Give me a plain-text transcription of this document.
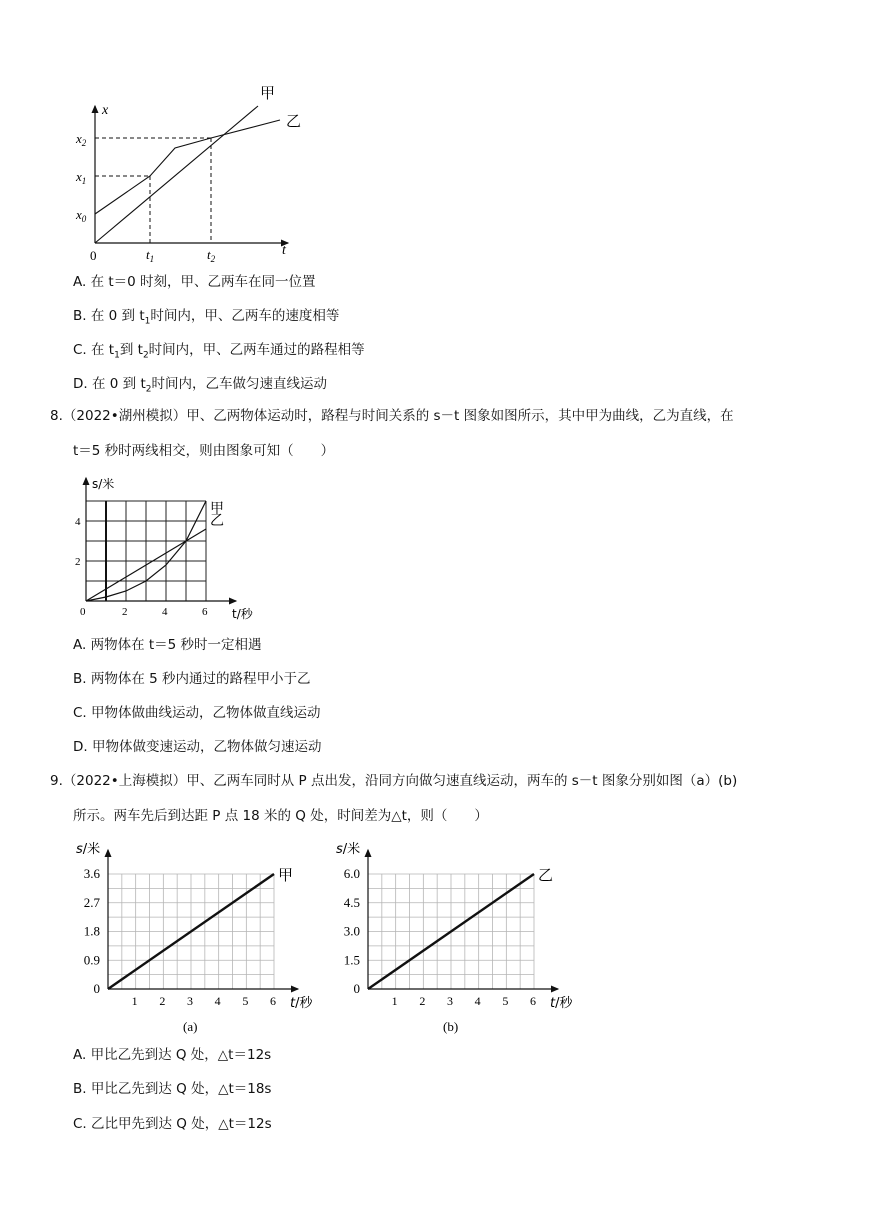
x
t
0
$x_0$
$x_1$
$x_2$
$t_1$	$t_2$
甲
乙
A. 在 t＝0 时刻，甲、乙两车在同一位置
B. 在 0 到 $t_1$时间内，甲、乙两车的速度相等
C. 在 $t_1$到 $t_2$时间内，甲、乙两车通过的路程相等
D. 在 0 到 $t_2$时间内，乙车做匀速直线运动
8.（2022•湖州模拟）甲、乙两物体运动时，路程与时间关系的 s－t 图象如图所示，其中甲为曲线，乙为直线，在
t＝5 秒时两线相交，则由图象可知（　　）
甲
乙
0	2	4	6
2
4
s/米
t/秒
A. 两物体在 t＝5 秒时一定相遇
B. 两物体在 5 秒内通过的路程甲小于乙
C. 甲物体做曲线运动，乙物体做直线运动
D. 甲物体做变速运动，乙物体做匀速运动
9.（2022•上海模拟）甲、乙两车同时从 P 点出发，沿同方向做匀速直线运动，两车的 s－t 图象分别如图（a）(b)
所示。两车先后到达距 P 点 18 米的 Q 处，时间差为△t，则（　　）
甲
1 2 3 4 5 6
0
0.9
1.8
2.7
3.6
s/米
t/秒
(a)
乙
1 2 3 4 5 6
0
1.5
3.0
4.5
6.0
s/米
t/秒
(b)
A. 甲比乙先到达 Q 处，△t＝12s
B. 甲比乙先到达 Q 处，△t＝18s
C. 乙比甲先到达 Q 处，△t＝12s
